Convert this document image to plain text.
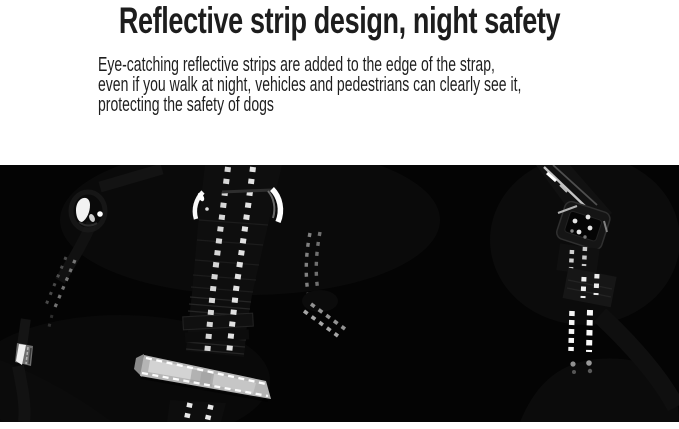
Reflective strip design, night safety
Eye-catching reflective strips are added to the edge of the strap,
even if you walk at night, vehicles and pedestrians can clearly see it,
protecting the safety of dogs
